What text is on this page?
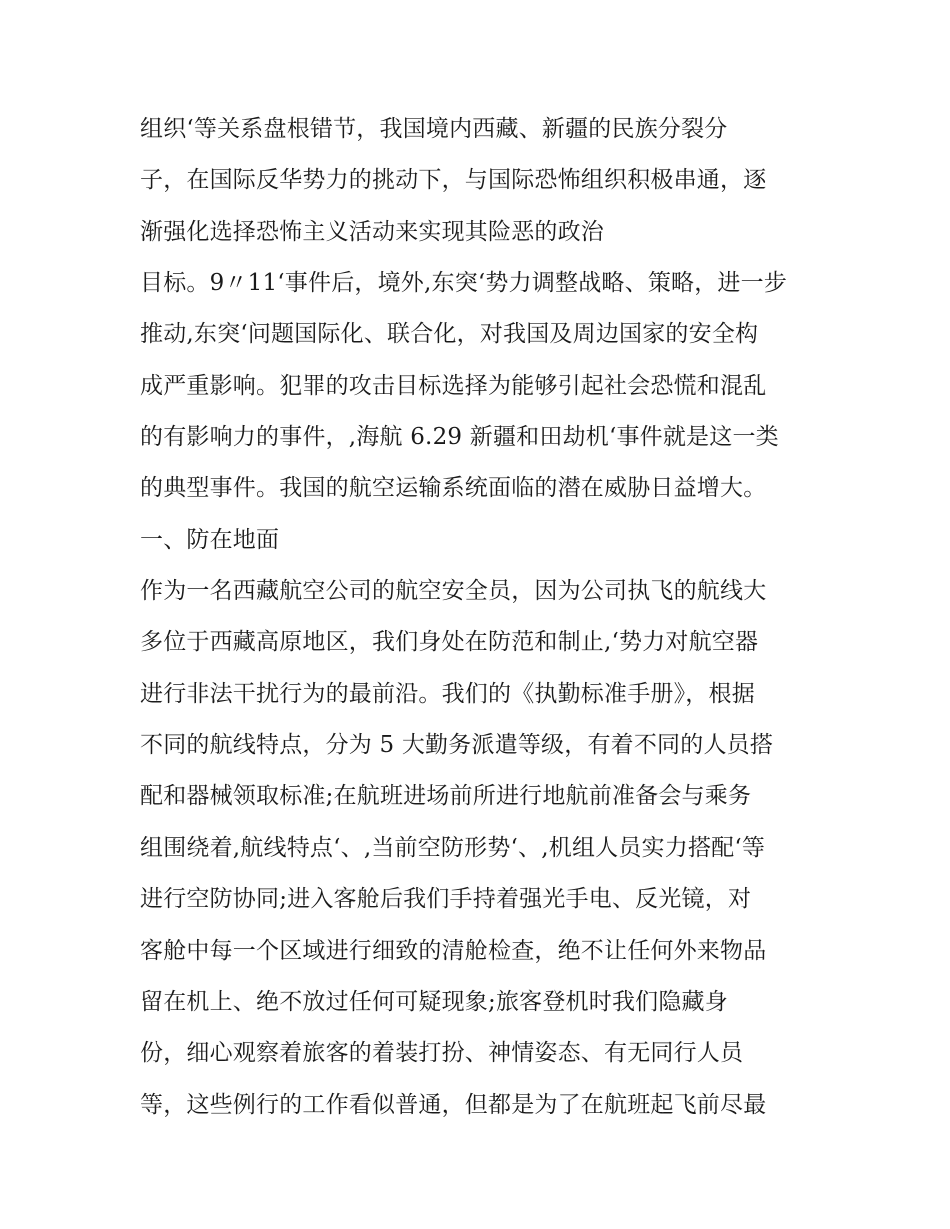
组织‘等关系盘根错节，我国境内西藏、新疆的民族分裂分
子，在国际反华势力的挑动下，与国际恐怖组织积极串通，逐
渐强化选择恐怖主义活动来实现其险恶的政治
目标。9〃11‘事件后，境外,东突‘势力调整战略、策略，进一步
推动,东突‘问题国际化、联合化，对我国及周边国家的安全构
成严重影响。犯罪的攻击目标选择为能够引起社会恐慌和混乱
的有影响力的事件，,海航 6.29 新疆和田劫机‘事件就是这一类
的典型事件。我国的航空运输系统面临的潜在威胁日益增大。
一、防在地面
作为一名西藏航空公司的航空安全员，因为公司执飞的航线大
多位于西藏高原地区，我们身处在防范和制止,‘势力对航空器
进行非法干扰行为的最前沿。我们的《执勤标准手册》，根据
不同的航线特点，分为 5 大勤务派遣等级，有着不同的人员搭
配和器械领取标准;在航班进场前所进行地航前准备会与乘务
组围绕着,航线特点‘、,当前空防形势‘、,机组人员实力搭配‘等
进行空防协同;进入客舱后我们手持着强光手电、反光镜，对
客舱中每一个区域进行细致的清舱检查，绝不让任何外来物品
留在机上、绝不放过任何可疑现象;旅客登机时我们隐藏身
份，细心观察着旅客的着装打扮、神情姿态、有无同行人员
等，这些例行的工作看似普通，但都是为了在航班起飞前尽最
